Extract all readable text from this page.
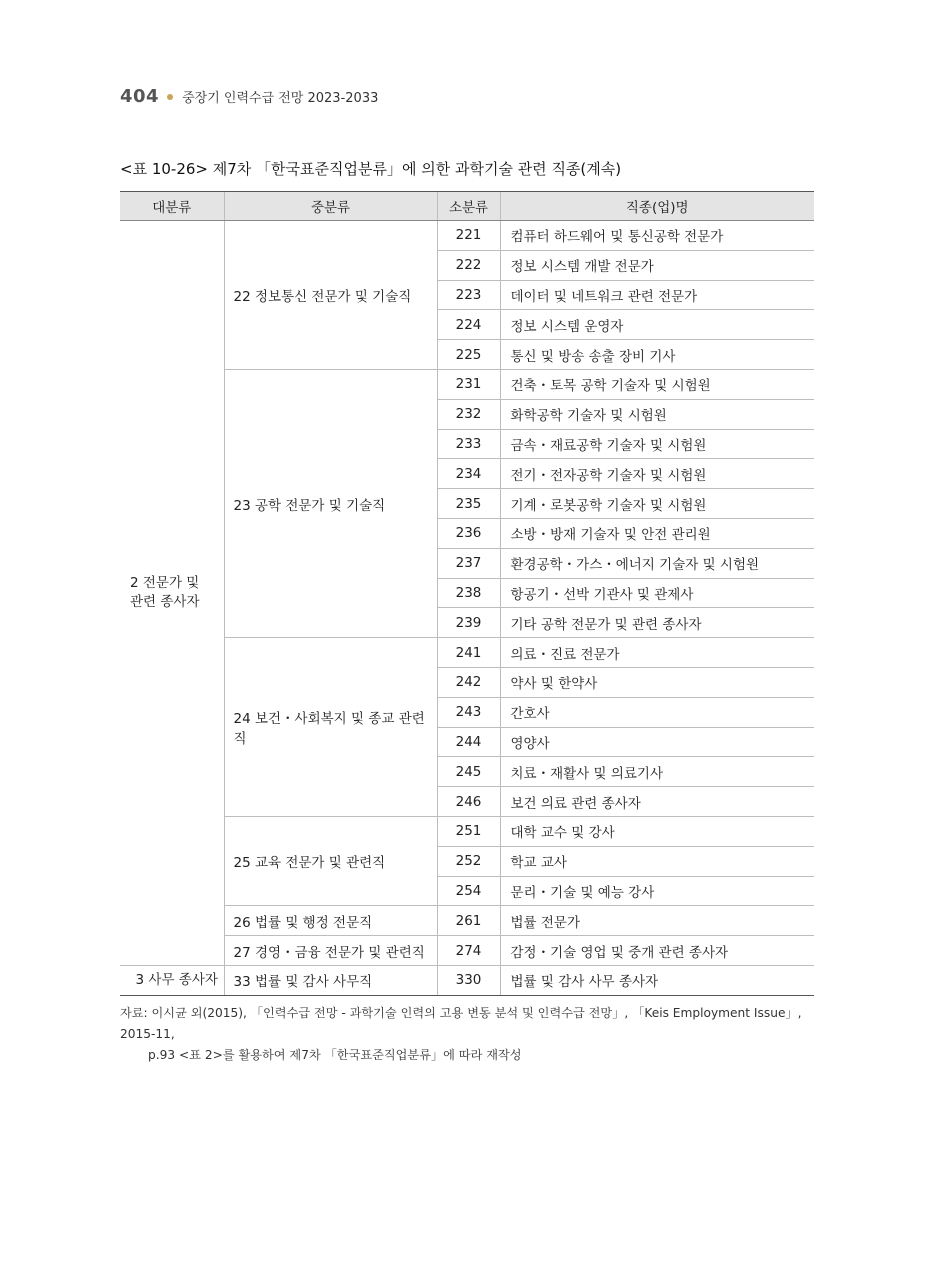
404 중장기 인력수급 전망 2023-2033
<표 10-26> 제7차 「한국표준직업분류」에 의한 과학기술 관련 직종(계속)
대분류	중분류	소분류	직종(업)명
2 전문가 및
관련 종사자	22 정보통신 전문가 및 기술직	221	컴퓨터 하드웨어 및 통신공학 전문가
		222	정보 시스템 개발 전문가
		223	데이터 및 네트워크 관련 전문가
		224	정보 시스템 운영자
		225	통신 및 방송 송출 장비 기사
	23 공학 전문가 및 기술직	231	건축・토목 공학 기술자 및 시험원
		232	화학공학 기술자 및 시험원
		233	금속・재료공학 기술자 및 시험원
		234	전기・전자공학 기술자 및 시험원
		235	기계・로봇공학 기술자 및 시험원
		236	소방・방재 기술자 및 안전 관리원
		237	환경공학・가스・에너지 기술자 및 시험원
		238	항공기・선박 기관사 및 관제사
		239	기타 공학 전문가 및 관련 종사자
	24 보건・사회복지 및 종교 관련직	241	의료・진료 전문가
		242	약사 및 한약사
		243	간호사
		244	영양사
		245	치료・재활사 및 의료기사
		246	보건 의료 관련 종사자
	25 교육 전문가 및 관련직	251	대학 교수 및 강사
		252	학교 교사
		254	문리・기술 및 예능 강사
	26 법률 및 행정 전문직	261	법률 전문가
	27 경영・금융 전문가 및 관련직	274	감정・기술 영업 및 중개 관련 종사자
3 사무 종사자	33 법률 및 감사 사무직	330	법률 및 감사 사무 종사자
자료: 이시균 외(2015), 「인력수급 전망 - 과학기술 인력의 고용 변동 분석 및 인력수급 전망」, 「Keis Employment Issue」, 2015-11,
p.93 <표 2>를 활용하여 제7차 「한국표준직업분류」에 따라 재작성
